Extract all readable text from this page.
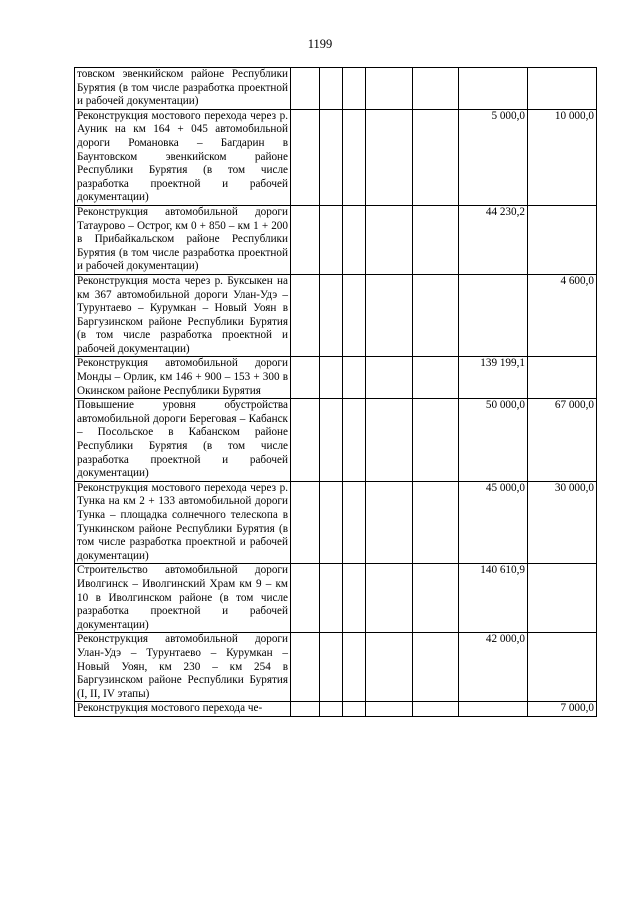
1199
товском эвенкийском районе Республики Бурятия (в том числе разработка проектной и рабочей документации)							
Реконструкция мостового перехода через р. Ауник на км 164 + 045 автомобильной дороги Романовка – Багдарин в Баунтовском эвенкийском районе Республики Бурятия (в том числе разработка проектной и рабочей документации)						5 000,0	10 000,0
Реконструкция автомобильной дороги Татаурово – Острог, км 0 + 850 – км 1 + 200 в Прибайкальском районе Республики Бурятия (в том числе разработка проектной и рабочей документации)						44 230,2	
Реконструкция моста через р. Буксыкен на км 367 автомобильной дороги Улан-Удэ – Турунтаево – Курумкан – Новый Уоян в Баргузинском районе Республики Бурятия (в том числе разработка проектной и рабочей документации)							4 600,0
Реконструкция автомобильной дороги Монды – Орлик, км 146 + 900 – 153 + 300 в Окинском районе Республики Бурятия						139 199,1	
Повышение уровня обустройства автомобильной дороги Береговая – Кабанск – Посольское в Кабанском районе Республики Бурятия (в том числе разработка проектной и рабочей документации)						50 000,0	67 000,0
Реконструкция мостового перехода через р. Тунка на км 2 + 133 автомобильной дороги Тунка – площадка солнечного телескопа в Тункинском районе Республики Бурятия (в том числе разработка проектной и рабочей документации)						45 000,0	30 000,0
Строительство автомобильной дороги Иволгинск – Иволгинский Храм км 9 – км 10 в Иволгинском районе (в том числе разработка проектной и рабочей документации)						140 610,9	
Реконструкция автомобильной дороги Улан-Удэ – Турунтаево – Курумкан – Новый Уоян, км 230 – км 254 в Баргузинском районе Республики Бурятия (I, II, IV этапы)						42 000,0	
Реконструкция мостового перехода че-							7 000,0
